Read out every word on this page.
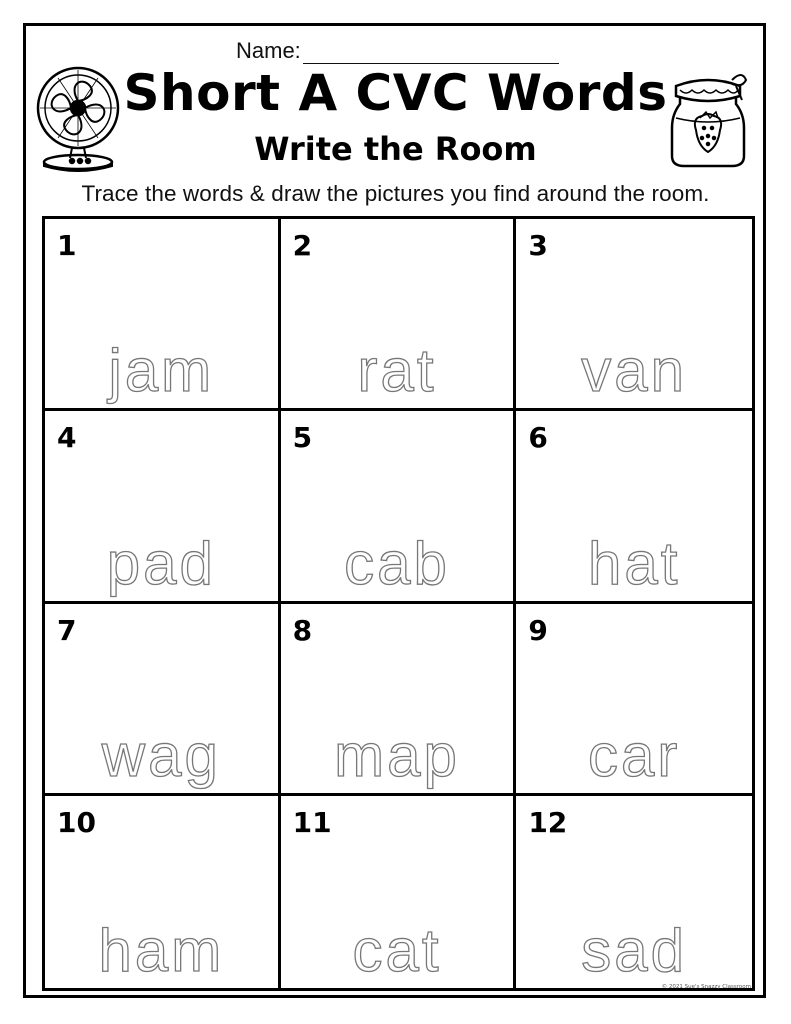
Name:
Short A CVC Words
Write the Room
Trace the words & draw the pictures you find around the room.
1
jam
2
rat
3
van
4
pad
5
cab
6
hat
7
wag
8
map
9
car
10
ham
11
cat
12
sad
© 2021 Sue's Snazzy Classroom
